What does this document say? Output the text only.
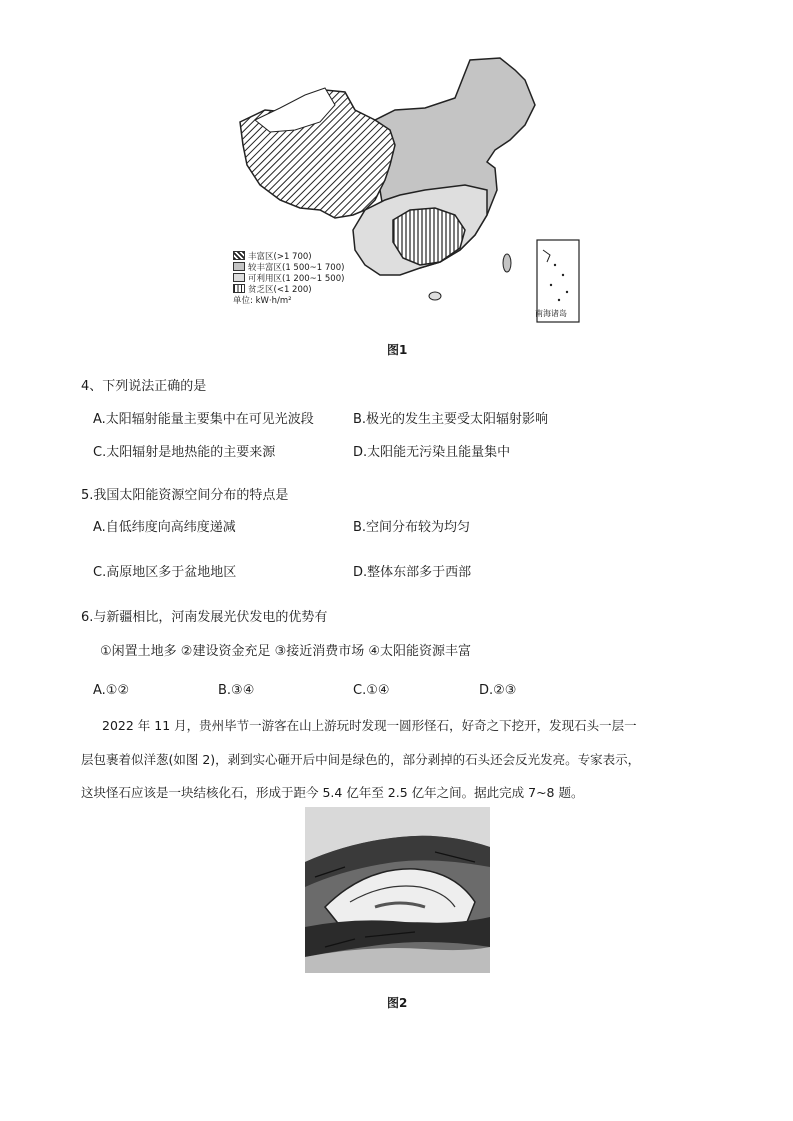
丰富区(>1 700)
较丰富区(1 500~1 700)
可利用区(1 200~1 500)
贫乏区(<1 200)
单位: kW·h/m²
南海诸岛
图1
4、下列说法正确的是
A.太阳辐射能量主要集中在可见光波段	B.极光的发生主要受太阳辐射影响
C.太阳辐射是地热能的主要来源	D.太阳能无污染且能量集中
5.我国太阳能资源空间分布的特点是
A.自低纬度向高纬度递减	B.空间分布较为均匀
C.高原地区多于盆地地区	D.整体东部多于西部
6.与新疆相比，河南发展光伏发电的优势有
①闲置土地多 ②建设资金充足 ③接近消费市场 ④太阳能资源丰富
A.①②	B.③④	C.①④	D.②③
2022 年 11 月，贵州毕节一游客在山上游玩时发现一圆形怪石，好奇之下挖开，发现石头一层一
层包裹着似洋葱(如图 2)，剥到实心砸开后中间是绿色的，部分剥掉的石头还会反光发亮。专家表示，
这块怪石应该是一块结核化石，形成于距今 5.4 亿年至 2.5 亿年之间。据此完成 7~8 题。
图2
